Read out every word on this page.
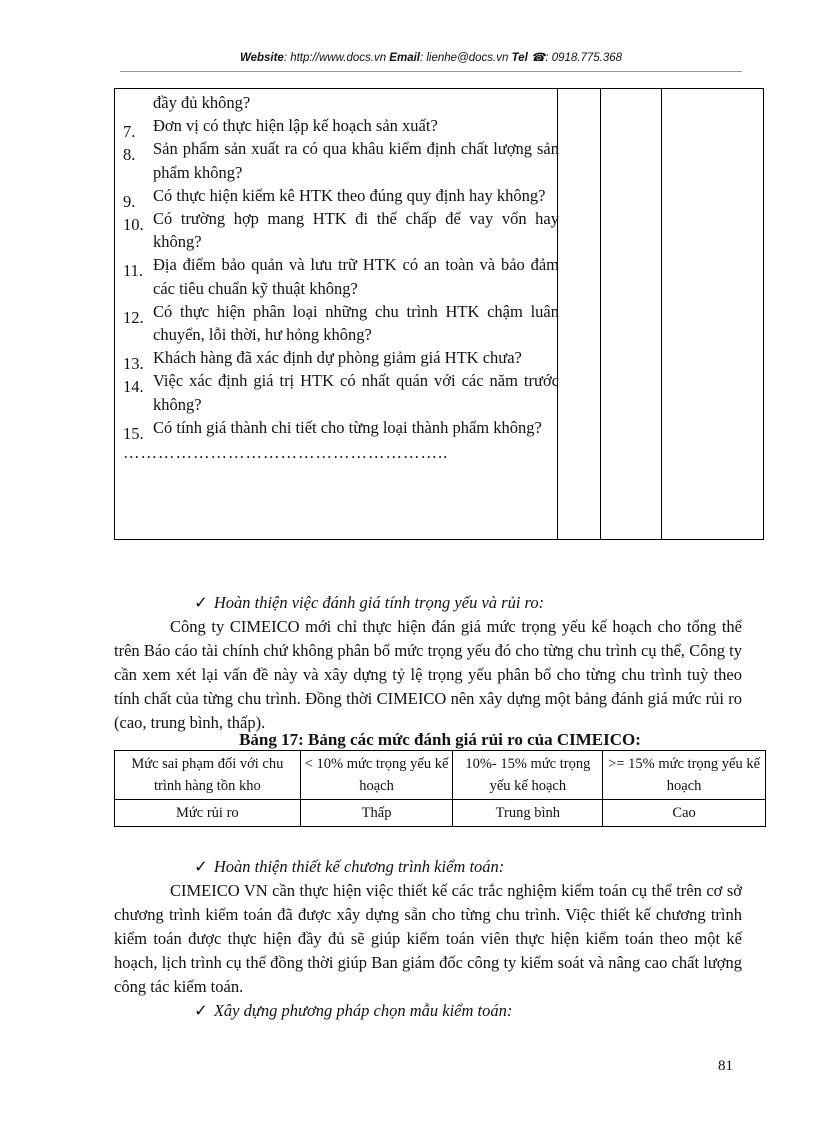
Website: http://www.docs.vn Email: lienhe@docs.vn Tel ☎: 0918.775.368
đầy đủ không?
7. Đơn vị có thực hiện lập kế hoạch sản xuất?
8. Sản phẩm sản xuất ra có qua khâu kiểm định chất lượng sản phẩm không?
9. Có thực hiện kiểm kê HTK theo đúng quy định hay không?
10. Có trường hợp mang HTK đi thế chấp để vay vốn hay không?
11. Địa điểm bảo quản và lưu trữ HTK có an toàn và bảo đảm các tiêu chuẩn kỹ thuật không?
12. Có thực hiện phân loại những chu trình HTK chậm luân chuyển, lỗi thời, hư hỏng không?
13. Khách hàng đã xác định dự phòng giảm giá HTK chưa?
14. Việc xác định giá trị HTK có nhất quán với các năm trước không?
15. Có tính giá thành chi tiết cho từng loại thành phẩm không?
………………………………………………..
✓ Hoàn thiện việc đánh giá tính trọng yếu và rủi ro:

Công ty CIMEICO mới chỉ thực hiện đán giá mức trọng yếu kế hoạch cho tổng thể trên Báo cáo tài chính chứ không phân bổ mức trọng yếu đó cho từng chu trình cụ thể, Công ty cần xem xét lại vấn đề này và xây dựng tỷ lệ trọng yếu phân bổ cho từng chu trình tuỳ theo tính chất của từng chu trình. Đồng thời CIMEICO nên xây dựng một bảng đánh giá mức rủi ro (cao, trung bình, thấp).

Bảng 17: Bảng các mức đánh giá rủi ro của CIMEICO:
Mức sai phạm đối với chu trình hàng tồn kho	< 10% mức trọng yếu kế hoạch	10%- 15% mức trọng yếu kế hoạch	>= 15% mức trọng yếu kế hoạch
Mức rủi ro	Thấp	Trung bình	Cao
✓ Hoàn thiện thiết kế chương trình kiểm toán:

CIMEICO VN cần thực hiện việc thiết kế các trắc nghiệm kiểm toán cụ thể trên cơ sở chương trình kiểm toán đã được xây dựng sẵn cho từng chu trình. Việc thiết kế chương trình kiểm toán được thực hiện đầy đủ sẽ giúp kiểm toán viên thực hiện kiểm toán theo một kế hoạch, lịch trình cụ thể đồng thời giúp Ban giám đốc công ty kiểm soát và nâng cao chất lượng công tác kiểm toán.

✓ Xây dựng phương pháp chọn mẫu kiểm toán:
81
